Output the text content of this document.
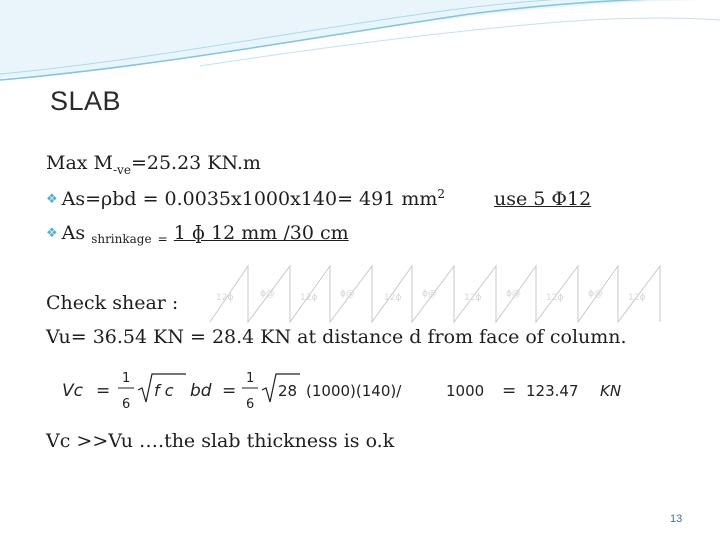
SLAB
Max $M_{-ve}=25.23$ KN.m
❖ As=ρbd = 0.0035x1000x140= 491 $mm^2$	use 5 Φ12
❖ As $_{shrinkage}$ $_=$ 1 ɸ 12 mm /30 cm
12ϕ	ϕ@	12ϕ	ϕ@	12ϕ ϕ@	12ϕ	ϕ@	12ϕ	ϕ@	12ϕ
Check shear :
Vu= 36.54 KN = 28.4 KN at distance d from face of column.
Vc =
1
6
f c bd =
1
6
28 (1000)(140)/	1000 = 123.47 KN
Vc >>Vu ….the slab thickness is o.k
13
